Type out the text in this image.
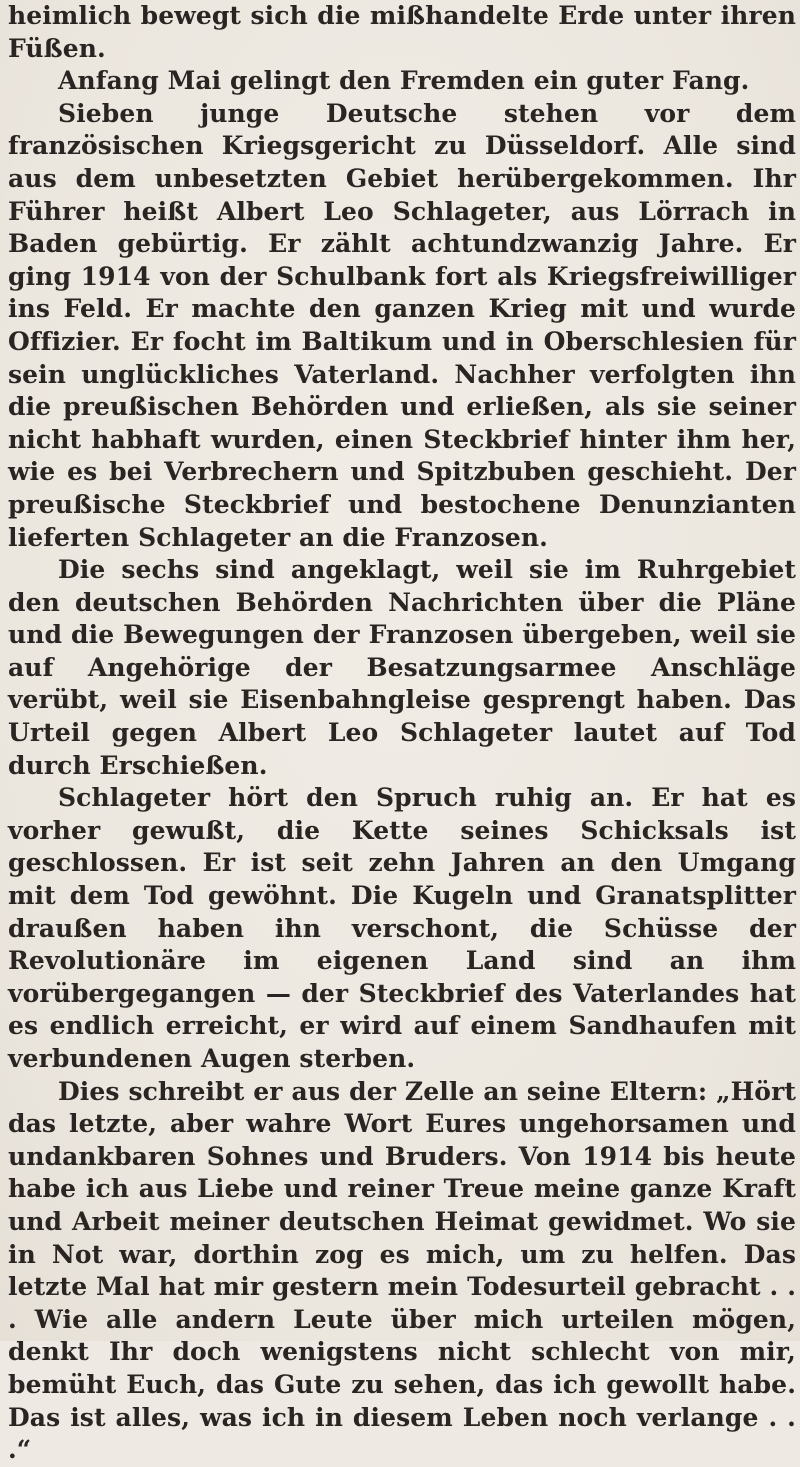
heimlich bewegt sich die mißhandelte Erde unter ihren Füßen.

Anfang Mai gelingt den Fremden ein guter Fang.

Sieben junge Deutsche stehen vor dem französischen Kriegsgericht zu Düsseldorf. Alle sind aus dem unbesetzten Gebiet herübergekommen. Ihr Führer heißt Albert Leo Schlageter, aus Lörrach in Baden gebürtig. Er zählt achtundzwanzig Jahre. Er ging 1914 von der Schulbank fort als Kriegsfreiwilliger ins Feld. Er machte den ganzen Krieg mit und wurde Offizier. Er focht im Baltikum und in Oberschlesien für sein unglückliches Vaterland. Nachher verfolgten ihn die preußischen Behörden und erließen, als sie seiner nicht habhaft wurden, einen Steckbrief hinter ihm her, wie es bei Verbrechern und Spitzbuben geschieht. Der preußische Steckbrief und bestochene Denunzianten lieferten Schlageter an die Franzosen.

Die sechs sind angeklagt, weil sie im Ruhrgebiet den deutschen Behörden Nachrichten über die Pläne und die Bewegungen der Franzosen übergeben, weil sie auf Angehörige der Besatzungsarmee Anschläge verübt, weil sie Eisenbahngleise gesprengt haben. Das Urteil gegen Albert Leo Schlageter lautet auf Tod durch Erschießen.

Schlageter hört den Spruch ruhig an. Er hat es vorher gewußt, die Kette seines Schicksals ist geschlossen. Er ist seit zehn Jahren an den Umgang mit dem Tod gewöhnt. Die Kugeln und Granatsplitter draußen haben ihn verschont, die Schüsse der Revolutionäre im eigenen Land sind an ihm vorübergegangen — der Steckbrief des Vaterlandes hat es endlich erreicht, er wird auf einem Sandhaufen mit verbundenen Augen sterben.

Dies schreibt er aus der Zelle an seine Eltern: „Hört das letzte, aber wahre Wort Eures ungehorsamen und undankbaren Sohnes und Bruders. Von 1914 bis heute habe ich aus Liebe und reiner Treue meine ganze Kraft und Arbeit meiner deutschen Heimat gewidmet. Wo sie in Not war, dorthin zog es mich, um zu helfen. Das letzte Mal hat mir gestern mein Todesurteil gebracht . . . Wie alle andern Leute über mich urteilen mögen, denkt Ihr doch wenigstens nicht schlecht von mir, bemüht Euch, das Gute zu sehen, das ich gewollt habe. Das ist alles, was ich in diesem Leben noch verlange . . .“
